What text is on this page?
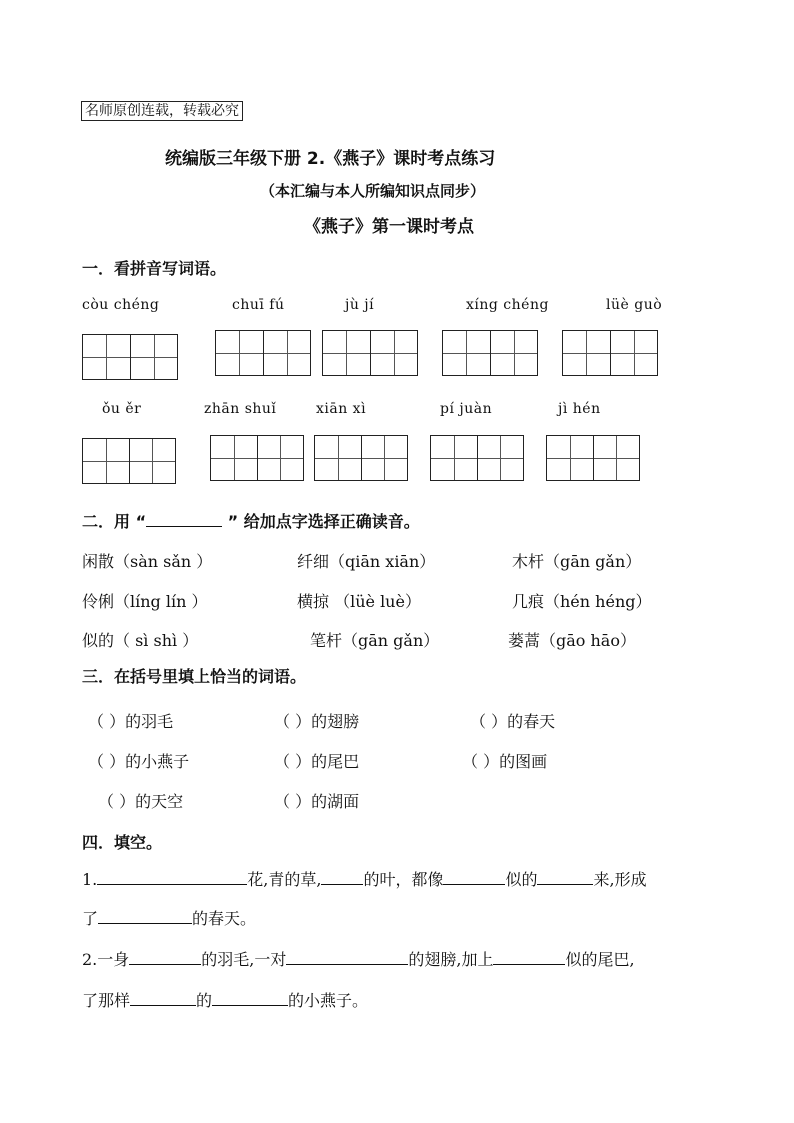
名师原创连载，转载必究
统编版三年级下册 2.《燕子》课时考点练习
（本汇编与本人所编知识点同步）
《燕子》第一课时考点
一．看拼音写词语。
còu chéng	chuī fú	jù jí	xíng chéng	lüè guò
ǒu ěr	zhān shuǐ	xiān xì	pí juàn	jì hén
二．用 “	” 给加点字选择正确读音。
闲散（sàn sǎn ）	纤细（qiān xiān）	木杆（gān gǎn）
伶俐（líng lín ）	横掠 （lüè luè）	几痕（hén héng）
似的（ sì shì ）	笔杆（gān gǎn）	蒌蒿（gāo hāo）
三．在括号里填上恰当的词语。
（ ）的羽毛	（ ）的翅膀	（ ）的春天
（ ）的小燕子	（ ）的尾巴	（ ）的图画
（ ）的天空	（ ）的湖面
四．填空。
1.	花,青的草,	的叶，都像	似的	来,形成
了	的春天。
2.一身	的羽毛,一对	的翅膀,加上	似的尾巴,
了那样	的	的小燕子。
